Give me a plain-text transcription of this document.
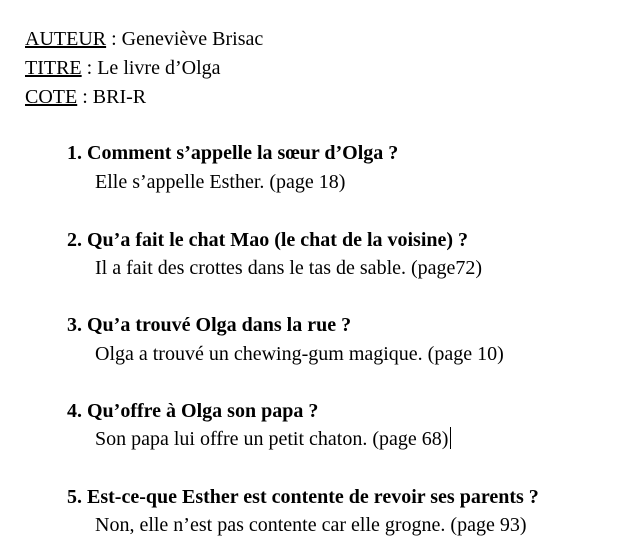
AUTEUR : Geneviève Brisac
TITRE : Le livre d’Olga
COTE : BRI-R
1. Comment s’appelle la sœur d’Olga ?
Elle s’appelle Esther. (page 18)
2. Qu’a fait le chat Mao (le chat de la voisine) ?
Il a fait des crottes dans le tas de sable. (page72)
3. Qu’a trouvé Olga dans la rue ?
Olga a trouvé un chewing-gum magique. (page 10)
4. Qu’offre à Olga son papa ?
Son papa lui offre un petit chaton. (page 68)
5. Est-ce-que Esther est contente de revoir ses parents ?
Non, elle n’est pas contente car elle grogne. (page 93)
